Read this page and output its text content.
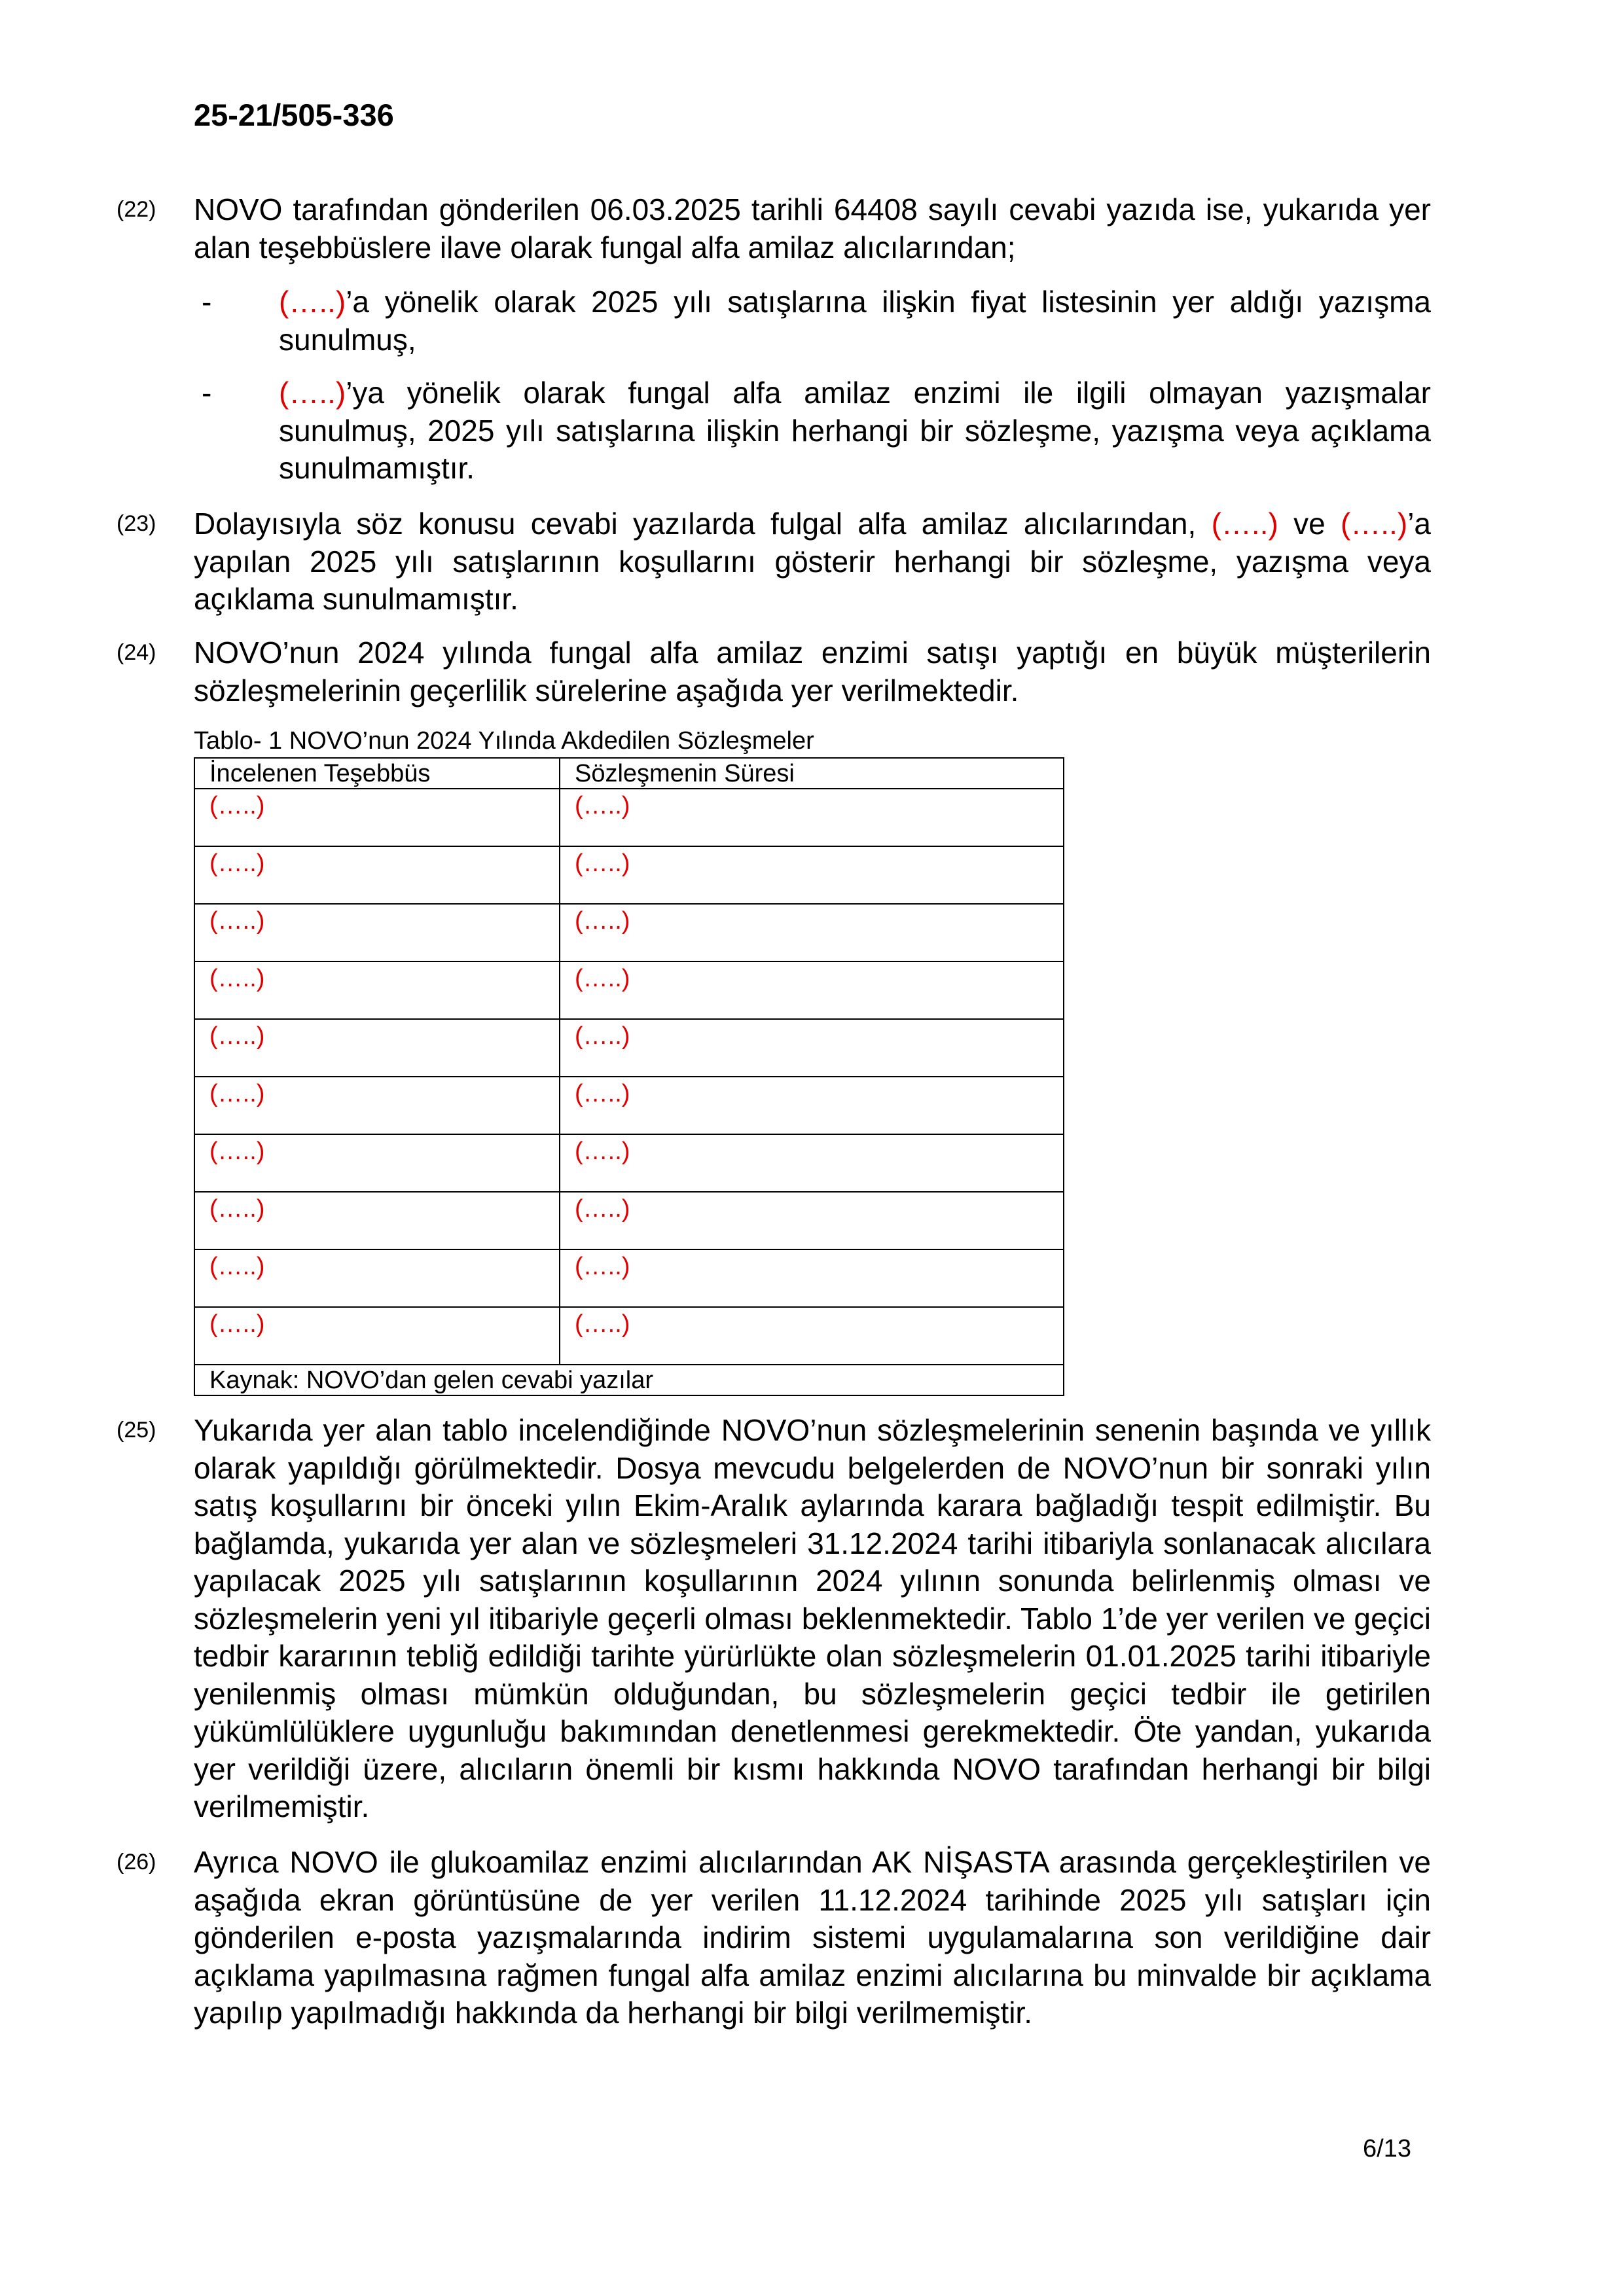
25-21/505-336
(22) NOVO tarafından gönderilen 06.03.2025 tarihli 64408 sayılı cevabi yazıda ise, yukarıda yer alan teşebbüslere ilave olarak fungal alfa amilaz alıcılarından;
- (…..)’a yönelik olarak 2025 yılı satışlarına ilişkin fiyat listesinin yer aldığı yazışma sunulmuş,
- (…..)’ya yönelik olarak fungal alfa amilaz enzimi ile ilgili olmayan yazışmalar sunulmuş, 2025 yılı satışlarına ilişkin herhangi bir sözleşme, yazışma veya açıklama sunulmamıştır.
(23) Dolayısıyla söz konusu cevabi yazılarda fulgal alfa amilaz alıcılarından, (…..) ve (…..)’a yapılan 2025 yılı satışlarının koşullarını gösterir herhangi bir sözleşme, yazışma veya açıklama sunulmamıştır.
(24) NOVO’nun 2024 yılında fungal alfa amilaz enzimi satışı yaptığı en büyük müşterilerin sözleşmelerinin geçerlilik sürelerine aşağıda yer verilmektedir.
Tablo- 1 NOVO’nun 2024 Yılında Akdedilen Sözleşmeler
İncelenen Teşebbüs	Sözleşmenin Süresi
(…..)	(…..)
(…..)	(…..)
(…..)	(…..)
(…..)	(…..)
(…..)	(…..)
(…..)	(…..)
(…..)	(…..)
(…..)	(…..)
(…..)	(…..)
(…..)	(…..)
Kaynak: NOVO’dan gelen cevabi yazılar	
(25) Yukarıda yer alan tablo incelendiğinde NOVO’nun sözleşmelerinin senenin başında ve yıllık olarak yapıldığı görülmektedir. Dosya mevcudu belgelerden de NOVO’nun bir sonraki yılın satış koşullarını bir önceki yılın Ekim-Aralık aylarında karara bağladığı tespit edilmiştir. Bu bağlamda, yukarıda yer alan ve sözleşmeleri 31.12.2024 tarihi itibariyla sonlanacak alıcılara yapılacak 2025 yılı satışlarının koşullarının 2024 yılının sonunda belirlenmiş olması ve sözleşmelerin yeni yıl itibariyle geçerli olması beklenmektedir. Tablo 1’de yer verilen ve geçici tedbir kararının tebliğ edildiği tarihte yürürlükte olan sözleşmelerin 01.01.2025 tarihi itibariyle yenilenmiş olması mümkün olduğundan, bu sözleşmelerin geçici tedbir ile getirilen yükümlülüklere uygunluğu bakımından denetlenmesi gerekmektedir. Öte yandan, yukarıda yer verildiği üzere, alıcıların önemli bir kısmı hakkında NOVO tarafından herhangi bir bilgi verilmemiştir.
(26) Ayrıca NOVO ile glukoamilaz enzimi alıcılarından AK NİŞASTA arasında gerçekleştirilen ve aşağıda ekran görüntüsüne de yer verilen 11.12.2024 tarihinde 2025 yılı satışları için gönderilen e-posta yazışmalarında indirim sistemi uygulamalarına son verildiğine dair açıklama yapılmasına rağmen fungal alfa amilaz enzimi alıcılarına bu minvalde bir açıklama yapılıp yapılmadığı hakkında da herhangi bir bilgi verilmemiştir.
6/13
